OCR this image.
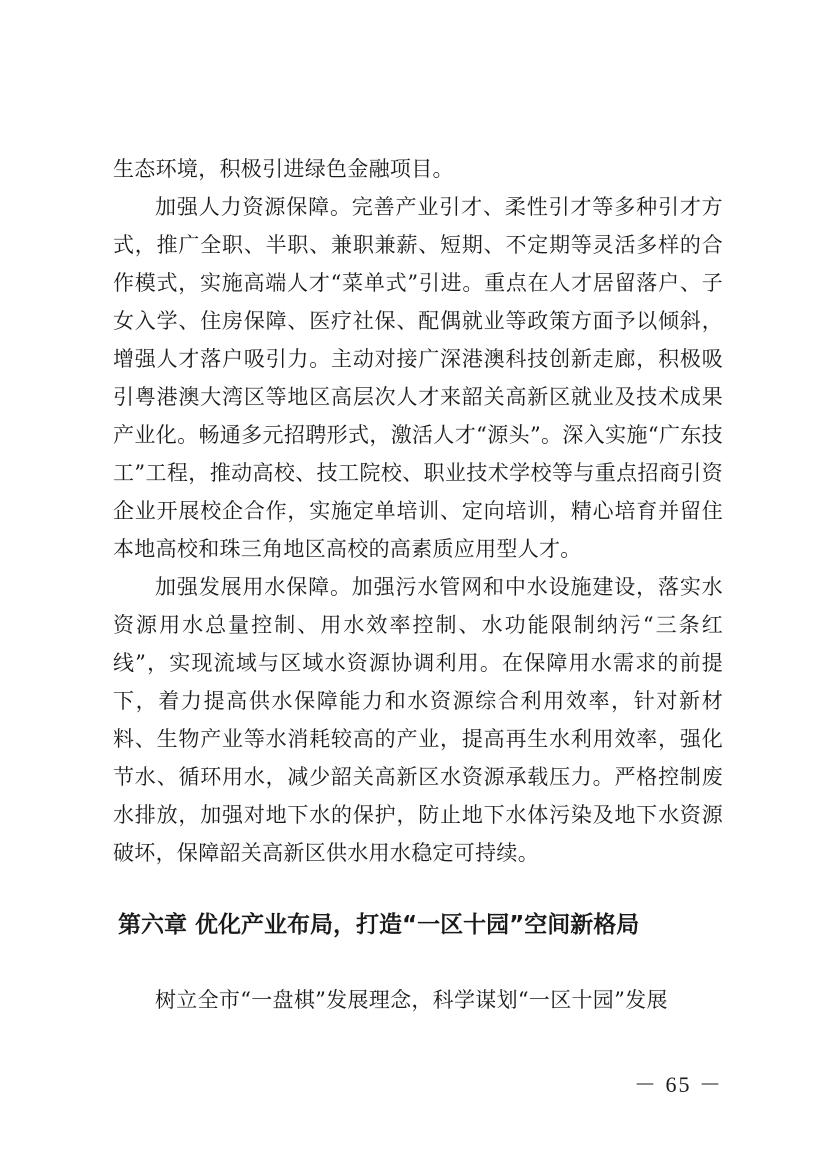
生态环境，积极引进绿色金融项目。

加强人力资源保障。完善产业引才、柔性引才等多种引才方式，推广全职、半职、兼职兼薪、短期、不定期等灵活多样的合作模式，实施高端人才“菜单式”引进。重点在人才居留落户、子女入学、住房保障、医疗社保、配偶就业等政策方面予以倾斜，增强人才落户吸引力。主动对接广深港澳科技创新走廊，积极吸引粤港澳大湾区等地区高层次人才来韶关高新区就业及技术成果产业化。畅通多元招聘形式，激活人才“源头”。深入实施“广东技工”工程，推动高校、技工院校、职业技术学校等与重点招商引资企业开展校企合作，实施定单培训、定向培训，精心培育并留住本地高校和珠三角地区高校的高素质应用型人才。

加强发展用水保障。加强污水管网和中水设施建设，落实水资源用水总量控制、用水效率控制、水功能限制纳污“三条红线”，实现流域与区域水资源协调利用。在保障用水需求的前提下，着力提高供水保障能力和水资源综合利用效率，针对新材料、生物产业等水消耗较高的产业，提高再生水利用效率，强化节水、循环用水，减少韶关高新区水资源承载压力。严格控制废水排放，加强对地下水的保护，防止地下水体污染及地下水资源破坏，保障韶关高新区供水用水稳定可持续。

第六章 优化产业布局，打造“一区十园”空间新格局

树立全市“一盘棋”发展理念，科学谋划“一区十园”发展

－ 65 －
